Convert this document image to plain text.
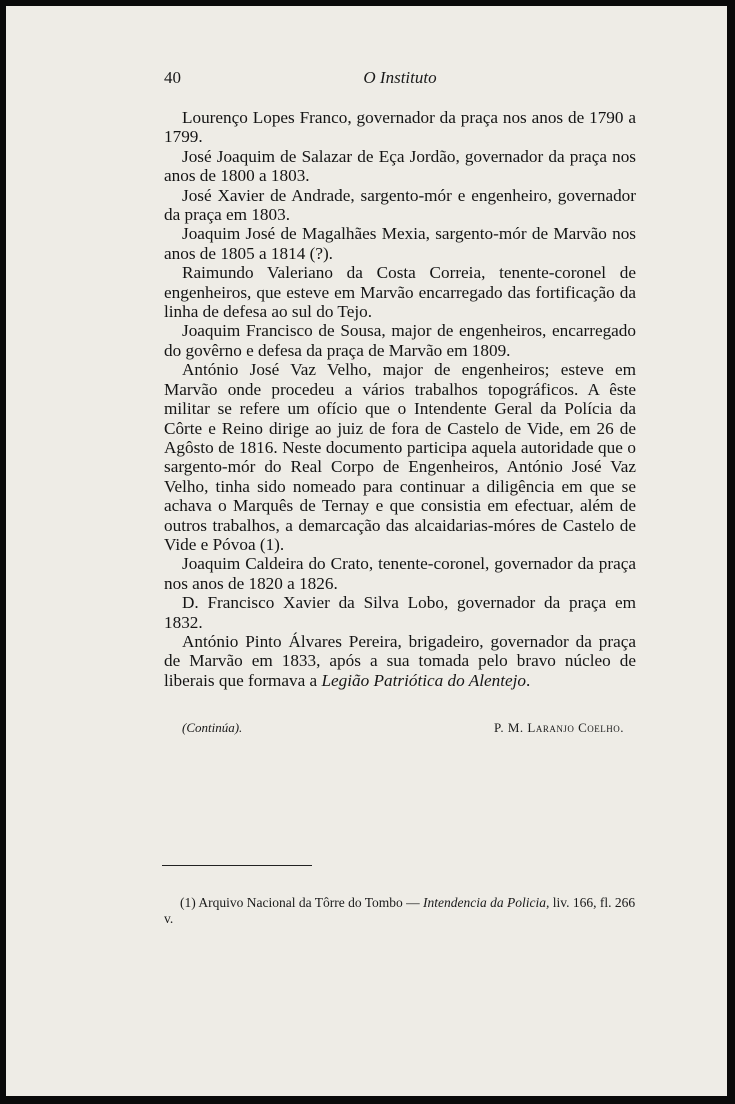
40	O Instituto

Lourenço Lopes Franco, governador da praça nos anos de 1790 a 1799.

José Joaquim de Salazar de Eça Jordão, governador da praça nos anos de 1800 a 1803.

José Xavier de Andrade, sargento-mór e engenheiro, governador da praça em 1803.

Joaquim José de Magalhães Mexia, sargento-mór de Marvão nos anos de 1805 a 1814 (?).

Raimundo Valeriano da Costa Correia, tenente-coronel de engenheiros, que esteve em Marvão encarregado das fortificação da linha de defesa ao sul do Tejo.

Joaquim Francisco de Sousa, major de engenheiros, encarregado do govêrno e defesa da praça de Marvão em 1809.

António José Vaz Velho, major de engenheiros; esteve em Marvão onde procedeu a vários trabalhos topográficos. A êste militar se refere um ofício que o Intendente Geral da Polícia da Côrte e Reino dirige ao juiz de fora de Castelo de Vide, em 26 de Agôsto de 1816. Neste documento participa aquela autoridade que o sargento-mór do Real Corpo de Engenheiros, António José Vaz Velho, tinha sido nomeado para continuar a diligência em que se achava o Marquês de Ternay e que consistia em efectuar, além de outros trabalhos, a demarcação das alcaidarias-móres de Castelo de Vide e Póvoa (1).

Joaquim Caldeira do Crato, tenente-coronel, governador da praça nos anos de 1820 a 1826.

D. Francisco Xavier da Silva Lobo, governador da praça em 1832.

António Pinto Álvares Pereira, brigadeiro, governador da praça de Marvão em 1833, após a sua tomada pelo bravo núcleo de liberais que formava a Legião Patriótica do Alentejo.

(Continúa).	P. M. Laranjo Coelho.

(1) Arquivo Nacional da Tôrre do Tombo — Intendencia da Policia, liv. 166, fl. 266 v.
